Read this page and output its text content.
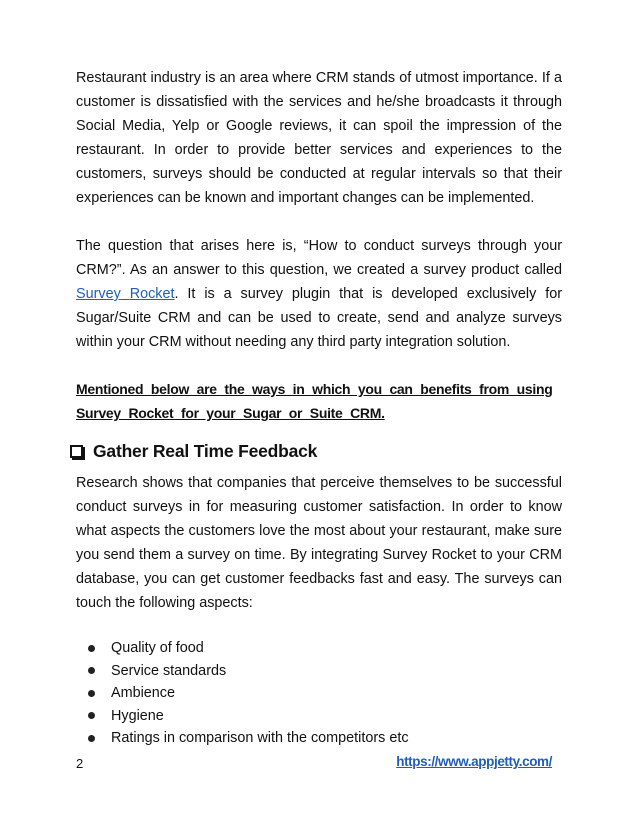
Restaurant industry is an area where CRM stands of utmost importance. If a customer is dissatisfied with the services and he/she broadcasts it through Social Media, Yelp or Google reviews, it can spoil the impression of the restaurant. In order to provide better services and experiences to the customers, surveys should be conducted at regular intervals so that their experiences can be known and important changes can be implemented.

The question that arises here is, “How to conduct surveys through your CRM?”. As an answer to this question, we created a survey product called Survey Rocket. It is a survey plugin that is developed exclusively for Sugar/Suite CRM and can be used to create, send and analyze surveys within your CRM without needing any third party integration solution.

Mentioned below are the ways in which you can benefits from using Survey Rocket for your Sugar or Suite CRM.

Gather Real Time Feedback

Research shows that companies that perceive themselves to be successful conduct surveys in for measuring customer satisfaction. In order to know what aspects the customers love the most about your restaurant, make sure you send them a survey on time. By integrating Survey Rocket to your CRM database, you can get customer feedbacks fast and easy. The surveys can touch the following aspects:

Quality of food
Service standards
Ambience
Hygiene
Ratings in comparison with the competitors etc
2	https://www.appjetty.com/
